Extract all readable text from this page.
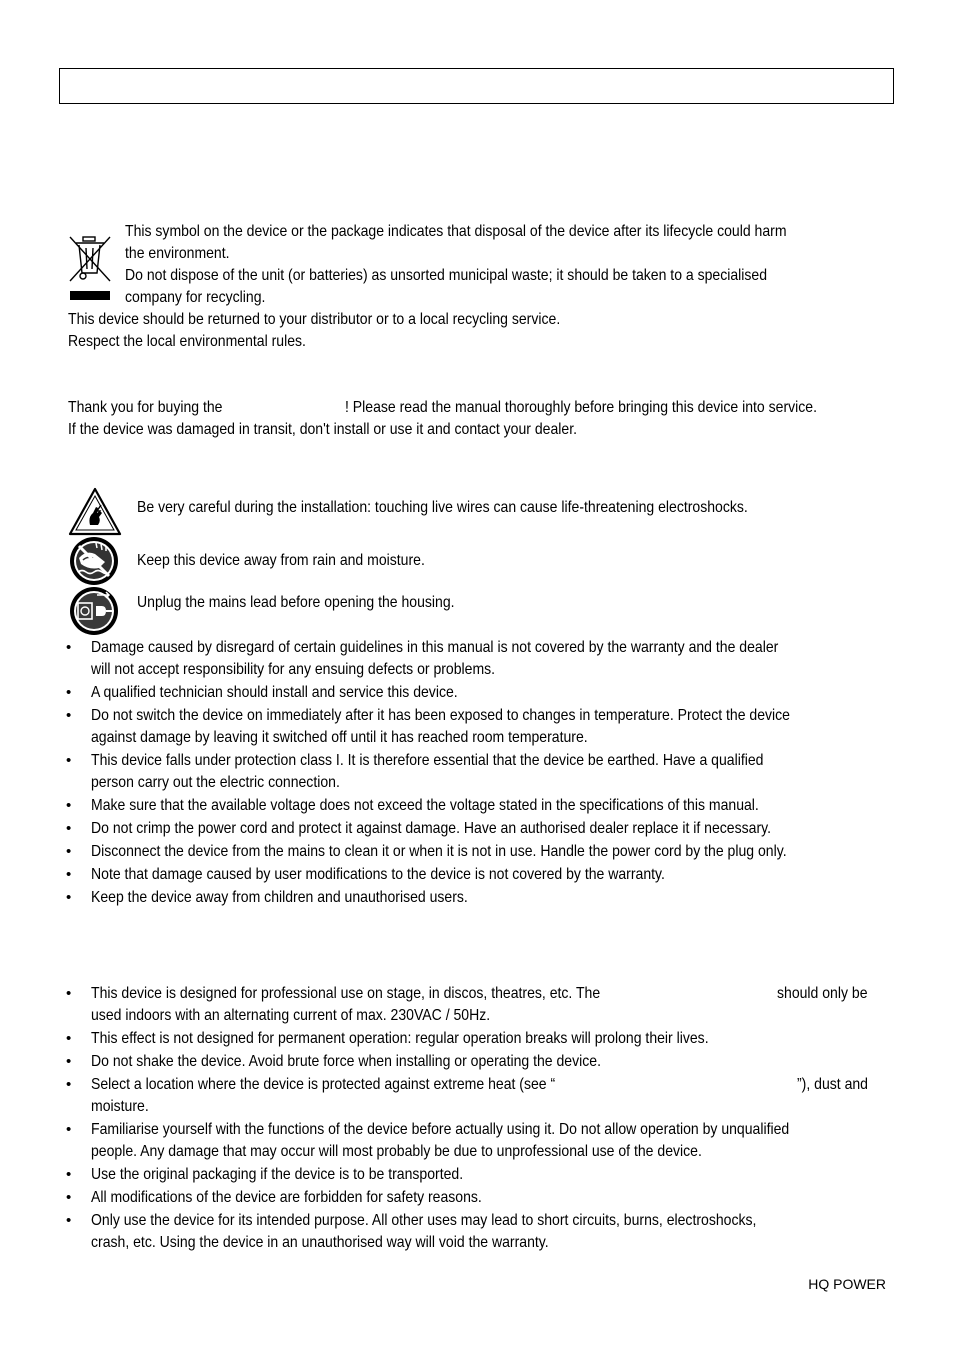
This symbol on the device or the package indicates that disposal of the device after its lifecycle could harm
the environment.
Do not dispose of the unit (or batteries) as unsorted municipal waste; it should be taken to a specialised
company for recycling.
This device should be returned to your distributor or to a local recycling service.
Respect the local environmental rules.
Thank you for buying the	! Please read the manual thoroughly before bringing this device into service.
If the device was damaged in transit, don't install or use it and contact your dealer.
Be very careful during the installation: touching live wires can cause life-threatening electroshocks.
Keep this device away from rain and moisture.
Unplug the mains lead before opening the housing.
• Damage caused by disregard of certain guidelines in this manual is not covered by the warranty and the dealer
will not accept responsibility for any ensuing defects or problems.
• A qualified technician should install and service this device.
• Do not switch the device on immediately after it has been exposed to changes in temperature. Protect the device
against damage by leaving it switched off until it has reached room temperature.
• This device falls under protection class I. It is therefore essential that the device be earthed. Have a qualified
person carry out the electric connection.
• Make sure that the available voltage does not exceed the voltage stated in the specifications of this manual.
• Do not crimp the power cord and protect it against damage. Have an authorised dealer replace it if necessary.
• Disconnect the device from the mains to clean it or when it is not in use. Handle the power cord by the plug only.
• Note that damage caused by user modifications to the device is not covered by the warranty.
• Keep the device away from children and unauthorised users.
• This device is designed for professional use on stage, in discos, theatres, etc. The	should only be

used indoors with an alternating current of max. 230VAC / 50Hz.
• This effect is not designed for permanent operation: regular operation breaks will prolong their lives.
• Do not shake the device. Avoid brute force when installing or operating the device.
• Select a location where the device is protected against extreme heat (see “	”), dust and

moisture.
• Familiarise yourself with the functions of the device before actually using it. Do not allow operation by unqualified
people. Any damage that may occur will most probably be due to unprofessional use of the device.
• Use the original packaging if the device is to be transported.
• All modifications of the device are forbidden for safety reasons.
• Only use the device for its intended purpose. All other uses may lead to short circuits, burns, electroshocks,
crash, etc. Using the device in an unauthorised way will void the warranty.
HQ POWER
